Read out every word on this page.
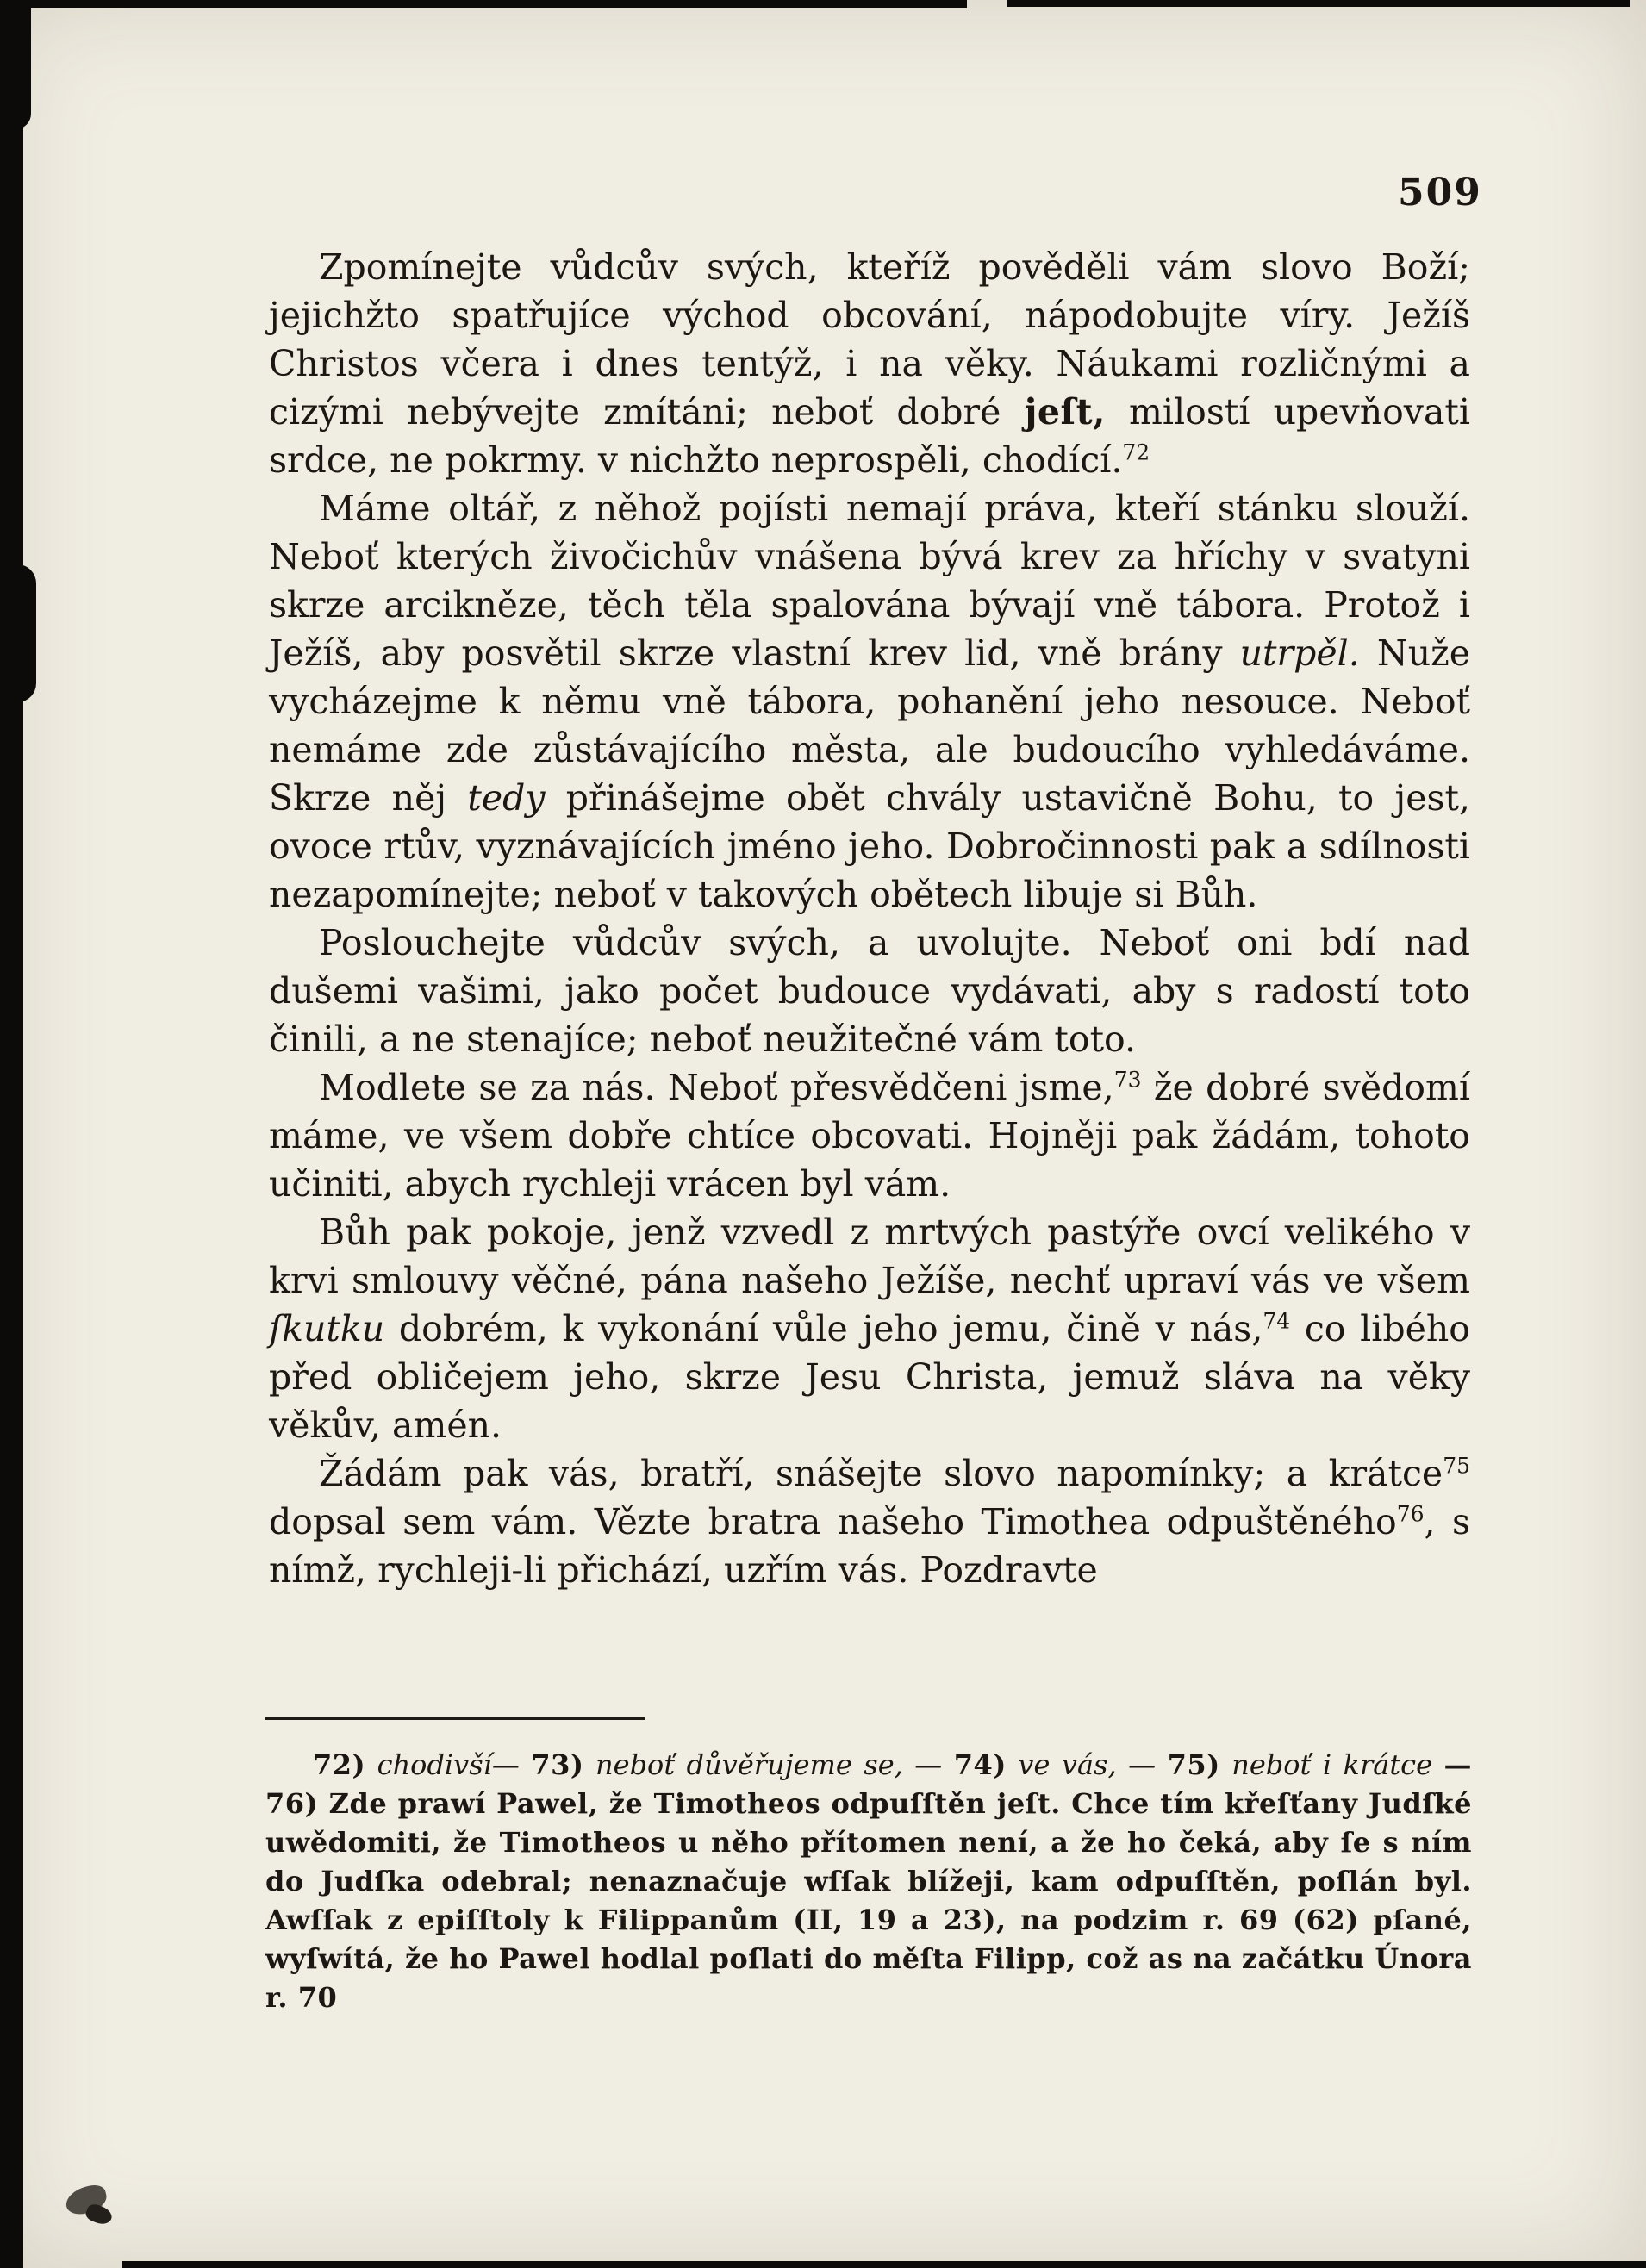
509

Zpomínejte vůdcův svých, kteříž pověděli vám slovo Boží; jejichžto spatřujíce východ obcování, nápodobujte víry. Ježíš Christos včera i dnes tentýž, i na věky. Náukami rozličnými a cizými nebývejte zmítáni; neboť dobré jeſt, milostí upevňovati srdce, ne pokrmy. v nichžto neprospěli, chodící.$^{72}$

Máme oltář, z něhož pojísti nemají práva, kteří stánku slouží. Neboť kterých živočichův vnášena bývá krev za hříchy v svatyni skrze arcikněze, těch těla spalována bývají vně tábora. Protož i Ježíš, aby posvětil skrze vlastní krev lid, vně brány utrpěl. Nuže vycházejme k němu vně tábora, pohanění jeho nesouce. Neboť nemáme zde zůstávajícího města, ale budoucího vyhledáváme. Skrze něj tedy přinášejme obět chvály ustavičně Bohu, to jest, ovoce rtův, vyznávajících jméno jeho. Dobročinnosti pak a sdílnosti nezapomínejte; neboť v takových obětech libuje si Bůh.

Poslouchejte vůdcův svých, a uvolujte. Neboť oni bdí nad dušemi vašimi, jako počet budouce vydávati, aby s radostí toto činili, a ne stenajíce; neboť neužitečné vám toto.

Modlete se za nás. Neboť přesvědčeni jsme,$^{73}$ že dobré svědomí máme, ve všem dobře chtíce obcovati. Hojněji pak žádám, tohoto učiniti, abych rychleji vrácen byl vám.

Bůh pak pokoje, jenž vzvedl z mrtvých pastýře ovcí velikého v krvi smlouvy věčné, pána našeho Ježíše, nechť upraví vás ve všem ſkutku dobrém, k vykonání vůle jeho jemu, čině v nás,$^{74}$ co libého před obličejem jeho, skrze Jesu Christa, jemuž sláva na věky věkův, amén.

Žádám pak vás, bratří, snášejte slovo napomínky; a krátce$^{75}$ dopsal sem vám. Vězte bratra našeho Timothea odpuštěného$^{76}$, s nímž, rychleji-li přichází, uzřím vás. Pozdravte

72) chodivší— 73) neboť důvěřujeme se, — 74) ve vás, — 75) neboť i krátce — 76) Zde prawí Pawel, že Timotheos odpuſſtěn jeſt. Chce tím křeſťany Judſké uwědomiti, že Timotheos u něho přítomen není, a že ho čeká, aby ſe s ním do Judſka odebral; nenaznačuje wſſak blížeji, kam odpuſſtěn, poſlán byl. Awſſak z epiſſtoly k Filippanům (II, 19 a 23), na podzim r. 69 (62) pſané, wyſwítá, že ho Pawel hodlal poſlati do měſta Filipp, což as na začátku Února r. 70
